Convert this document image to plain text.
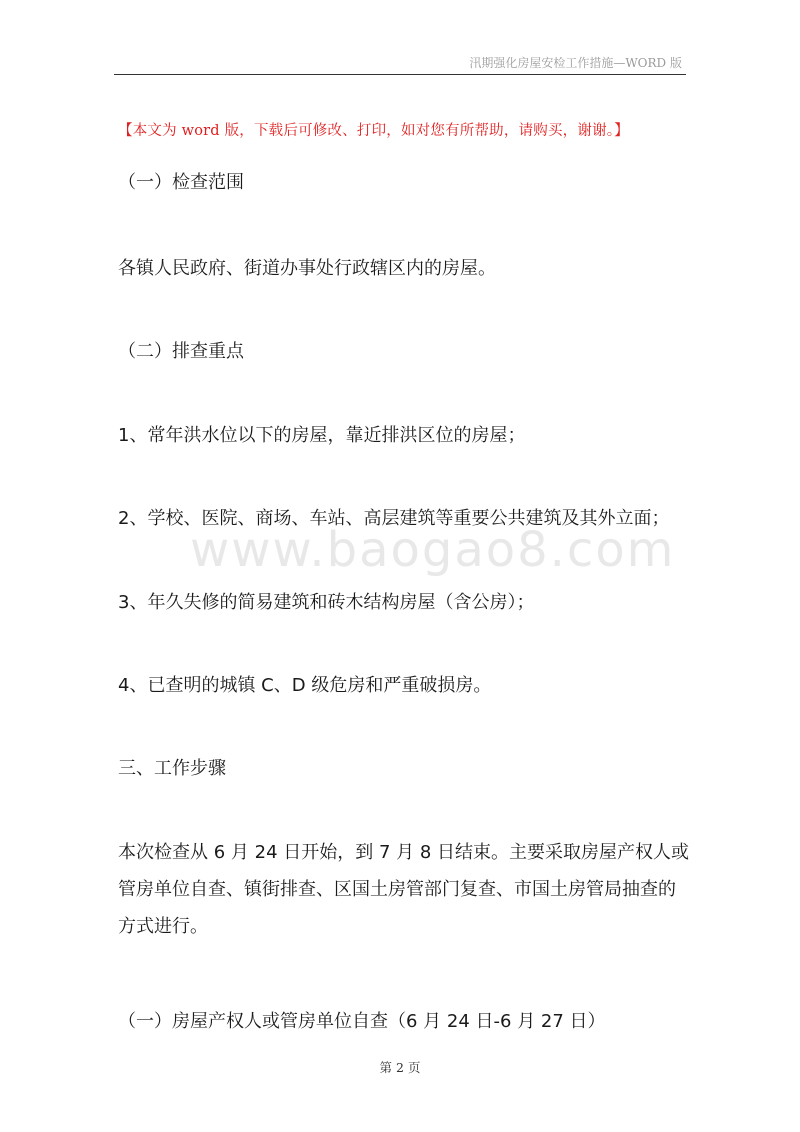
汛期强化房屋安检工作措施—WORD 版
【本文为 word 版，下载后可修改、打印，如对您有所帮助，请购买，谢谢。】
www.baogao8.com
（一）检查范围
各镇人民政府、街道办事处行政辖区内的房屋。
（二）排查重点
1、常年洪水位以下的房屋，靠近排洪区位的房屋；
2、学校、医院、商场、车站、高层建筑等重要公共建筑及其外立面；
3、年久失修的简易建筑和砖木结构房屋（含公房）；
4、已查明的城镇 C、D 级危房和严重破损房。
三、工作步骤
本次检查从 6 月 24 日开始，到 7 月 8 日结束。主要采取房屋产权人或管房单位自查、镇街排查、区国土房管部门复查、市国土房管局抽查的方式进行。
（一）房屋产权人或管房单位自查（6 月 24 日-6 月 27 日）
第 2 页
